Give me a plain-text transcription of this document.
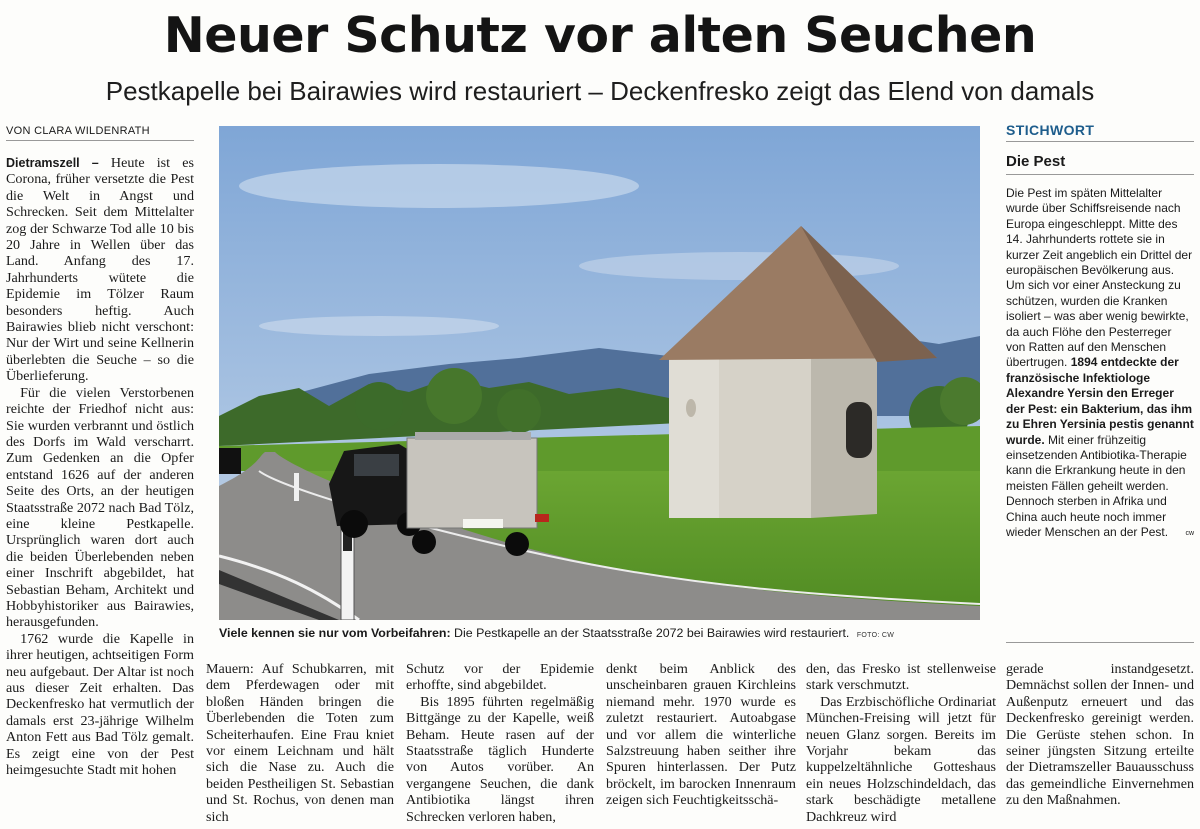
Neuer Schutz vor alten Seuchen
Pestkapelle bei Bairawies wird restauriert – Deckenfresko zeigt das Elend von damals
VON CLARA WILDENRATH

Dietramszell – Heute ist es Corona, früher versetzte die Pest die Welt in Angst und Schrecken. Seit dem Mittelalter zog der Schwarze Tod alle 10 bis 20 Jahre in Wellen über das Land. Anfang des 17. Jahrhunderts wütete die Epidemie im Tölzer Raum besonders heftig. Auch Bairawies blieb nicht verschont: Nur der Wirt und seine Kellnerin überlebten die Seuche – so die Überlieferung.

Für die vielen Verstorbenen reichte der Friedhof nicht aus: Sie wurden verbrannt und östlich des Dorfs im Wald verscharrt. Zum Gedenken an die Opfer entstand 1626 auf der anderen Seite des Orts, an der heutigen Staatsstraße 2072 nach Bad Tölz, eine kleine Pestkapelle. Ursprünglich waren dort auch die beiden Überlebenden neben einer Inschrift abgebildet, hat Sebastian Beham, Architekt und Hobbyhistoriker aus Bairawies, herausgefunden.

1762 wurde die Kapelle in ihrer heutigen, achtseitigen Form neu aufgebaut. Der Altar ist noch aus dieser Zeit erhalten. Das Deckenfresko hat vermutlich der damals erst 23-jährige Wilhelm Anton Fett aus Bad Tölz gemalt. Es zeigt eine von der Pest heimgesuchte Stadt mit hohen

Viele kennen sie nur vom Vorbeifahren: Die Pestkapelle an der Staatsstraße 2072 bei Bairawies wird restauriert. FOTO: CW
STICHWORT
Die Pest
Die Pest im späten Mittelalter wurde über Schiffsreisende nach Europa eingeschleppt. Mitte des 14. Jahrhunderts rottete sie in kurzer Zeit angeblich ein Drittel der europäischen Bevölkerung aus. Um sich vor einer Ansteckung zu schützen, wurden die Kranken isoliert – was aber wenig bewirkte, da auch Flöhe den Pesterreger von Ratten auf den Menschen übertrugen. 1894 entdeckte der französische Infektiologe Alexandre Yersin den Erreger der Pest: ein Bakterium, das ihm zu Ehren Yersinia pestis genannt wurde. Mit einer frühzeitig einsetzenden Antibiotika-Therapie kann die Erkrankung heute in den meisten Fällen geheilt werden. Dennoch sterben in Afrika und China auch heute noch immer wieder Menschen an der Pest.	cw

Mauern: Auf Schubkarren, mit dem Pferdewagen oder mit bloßen Händen bringen die Überlebenden die Toten zum Scheiterhaufen. Eine Frau kniet vor einem Leichnam und hält sich die Nase zu. Auch die beiden Pestheiligen St. Sebastian und St. Rochus, von denen man sich

Schutz vor der Epidemie erhoffte, sind abgebildet.

Bis 1895 führten regelmäßig Bittgänge zu der Kapelle, weiß Beham. Heute rasen auf der Staatsstraße täglich Hunderte von Autos vorüber. An vergangene Seuchen, die dank Antibiotika längst ihren Schrecken verloren haben,

denkt beim Anblick des unscheinbaren grauen Kirchleins niemand mehr. 1970 wurde es zuletzt restauriert. Autoabgase und vor allem die winterliche Salzstreuung haben seither ihre Spuren hinterlassen. Der Putz bröckelt, im barocken Innenraum zeigen sich Feuchtigkeitsschä-

den, das Fresko ist stellenweise stark verschmutzt.

Das Erzbischöfliche Ordinariat München-Freising will jetzt für neuen Glanz sorgen. Bereits im Vorjahr bekam das kuppelzeltähnliche Gotteshaus ein neues Holzschindeldach, das stark beschädigte metallene Dachkreuz wird

gerade instandgesetzt. Demnächst sollen der Innen- und Außenputz erneuert und das Deckenfresko gereinigt werden. Die Gerüste stehen schon. In seiner jüngsten Sitzung erteilte der Dietramszeller Bauausschuss das gemeindliche Einvernehmen zu den Maßnahmen.
